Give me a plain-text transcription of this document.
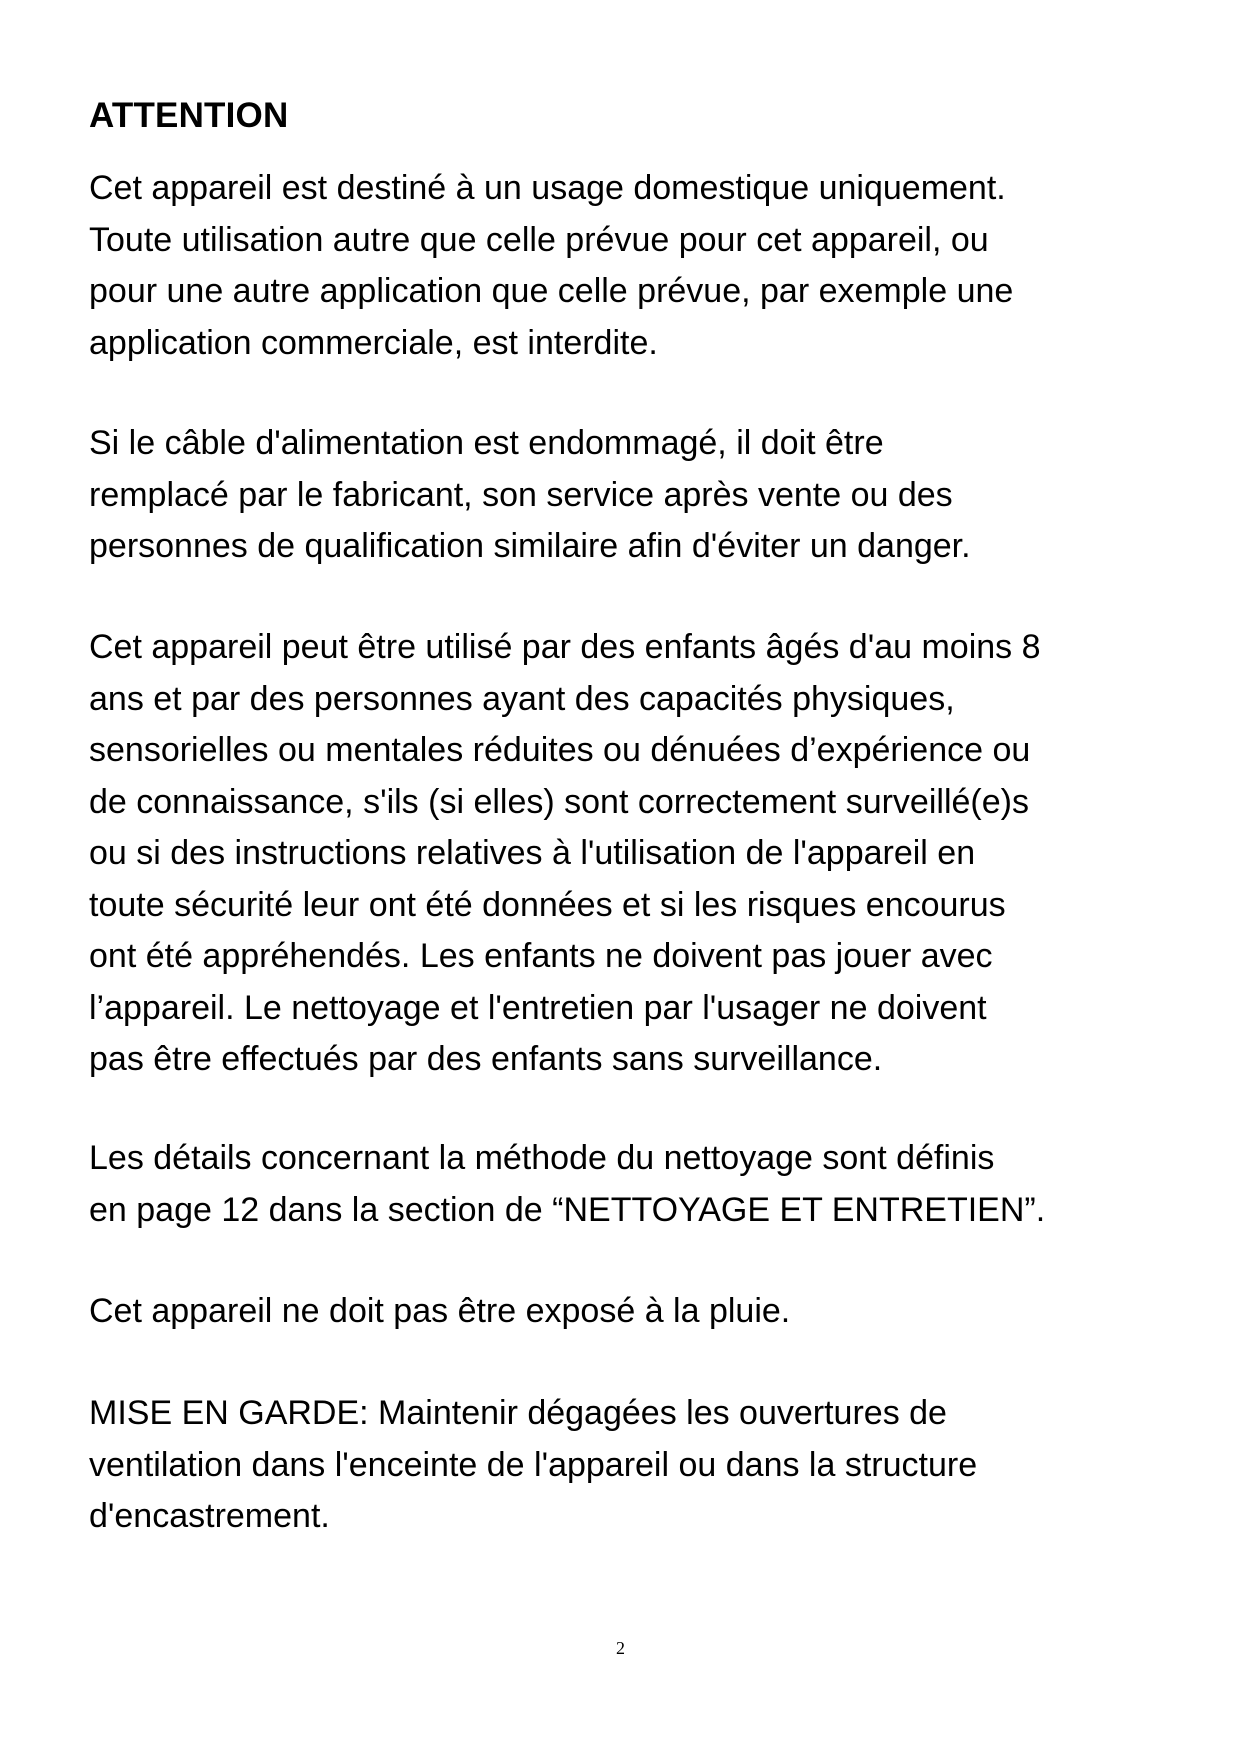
ATTENTION

Cet appareil est destiné à un usage domestique uniquement.
Toute utilisation autre que celle prévue pour cet appareil, ou
pour une autre application que celle prévue, par exemple une
application commerciale, est interdite.

Si le câble d'alimentation est endommagé, il doit être
remplacé par le fabricant, son service après vente ou des
personnes de qualification similaire afin d'éviter un danger.

Cet appareil peut être utilisé par des enfants âgés d'au moins 8
ans et par des personnes ayant des capacités physiques,
sensorielles ou mentales réduites ou dénuées d’expérience ou
de connaissance, s'ils (si elles) sont correctement surveillé(e)s
ou si des instructions relatives à l'utilisation de l'appareil en
toute sécurité leur ont été données et si les risques encourus
ont été appréhendés. Les enfants ne doivent pas jouer avec
l’appareil. Le nettoyage et l'entretien par l'usager ne doivent
pas être effectués par des enfants sans surveillance.

Les détails concernant la méthode du nettoyage sont définis
en page 12 dans la section de “NETTOYAGE ET ENTRETIEN”.

Cet appareil ne doit pas être exposé à la pluie.

MISE EN GARDE: Maintenir dégagées les ouvertures de
ventilation dans l'enceinte de l'appareil ou dans la structure
d'encastrement.

2
